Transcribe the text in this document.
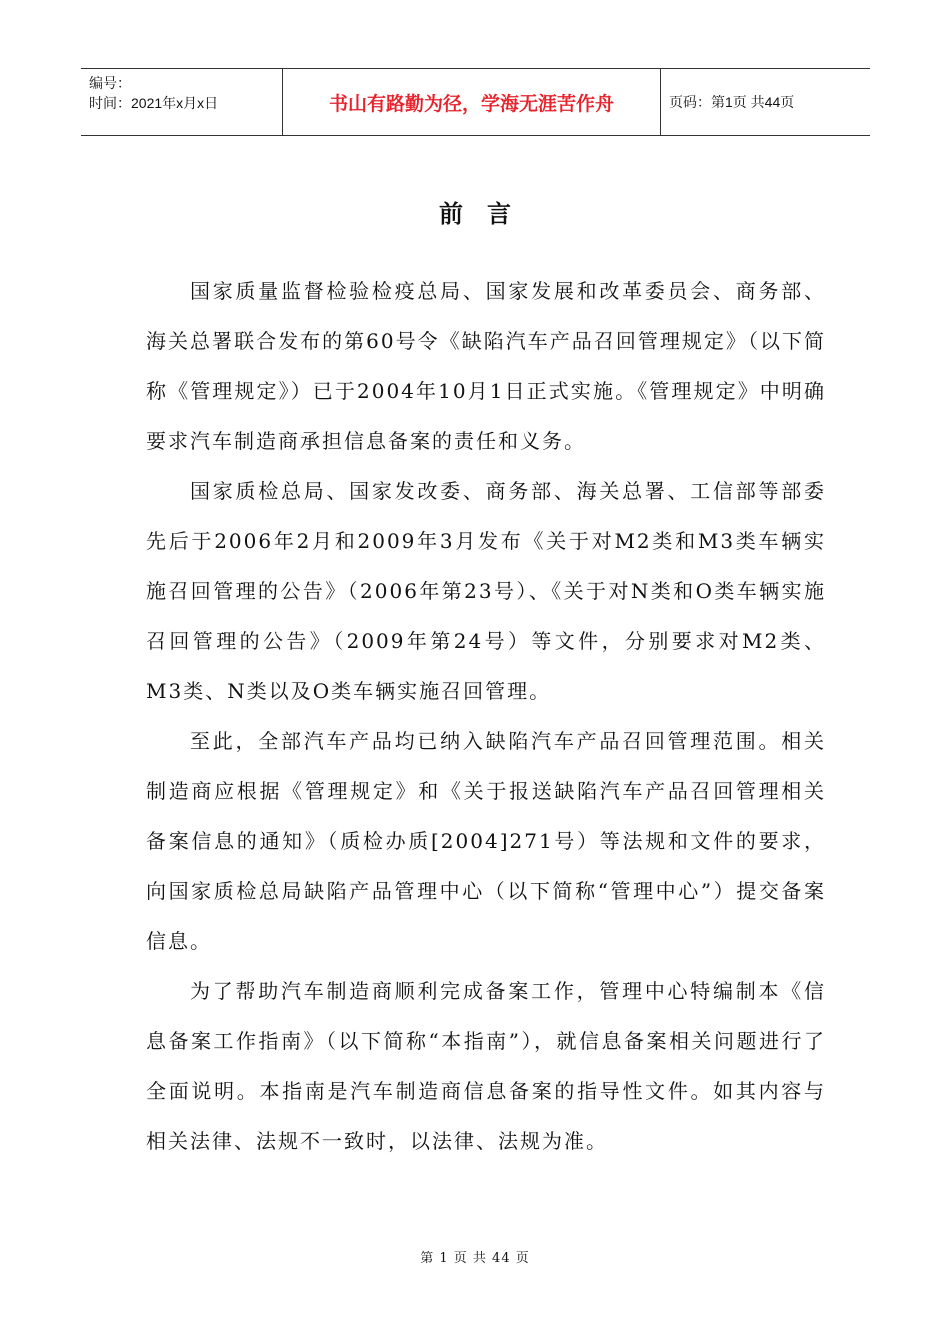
编号：
时间：2021年x月x日	书山有路勤为径，学海无涯苦作舟	页码：第1页 共44页
前言

国家质量监督检验检疫总局、国家发展和改革委员会、商务部、海关总署联合发布的第60号令《缺陷汽车产品召回管理规定》（以下简称《管理规定》）已于2004年10月1日正式实施。《管理规定》中明确要求汽车制造商承担信息备案的责任和义务。

国家质检总局、国家发改委、商务部、海关总署、工信部等部委先后于2006年2月和2009年3月发布《关于对M2类和M3类车辆实施召回管理的公告》（2006年第23号）、《关于对N类和O类车辆实施召回管理的公告》（2009年第24号）等文件，分别要求对M2类、M3类、N类以及O类车辆实施召回管理。

至此，全部汽车产品均已纳入缺陷汽车产品召回管理范围。相关制造商应根据《管理规定》和《关于报送缺陷汽车产品召回管理相关备案信息的通知》（质检办质[2004]271号）等法规和文件的要求，向国家质检总局缺陷产品管理中心（以下简称“管理中心”）提交备案信息。

为了帮助汽车制造商顺利完成备案工作，管理中心特编制本《信息备案工作指南》（以下简称“本指南”），就信息备案相关问题进行了全面说明。本指南是汽车制造商信息备案的指导性文件。如其内容与相关法律、法规不一致时，以法律、法规为准。

第 1 页 共 44 页
